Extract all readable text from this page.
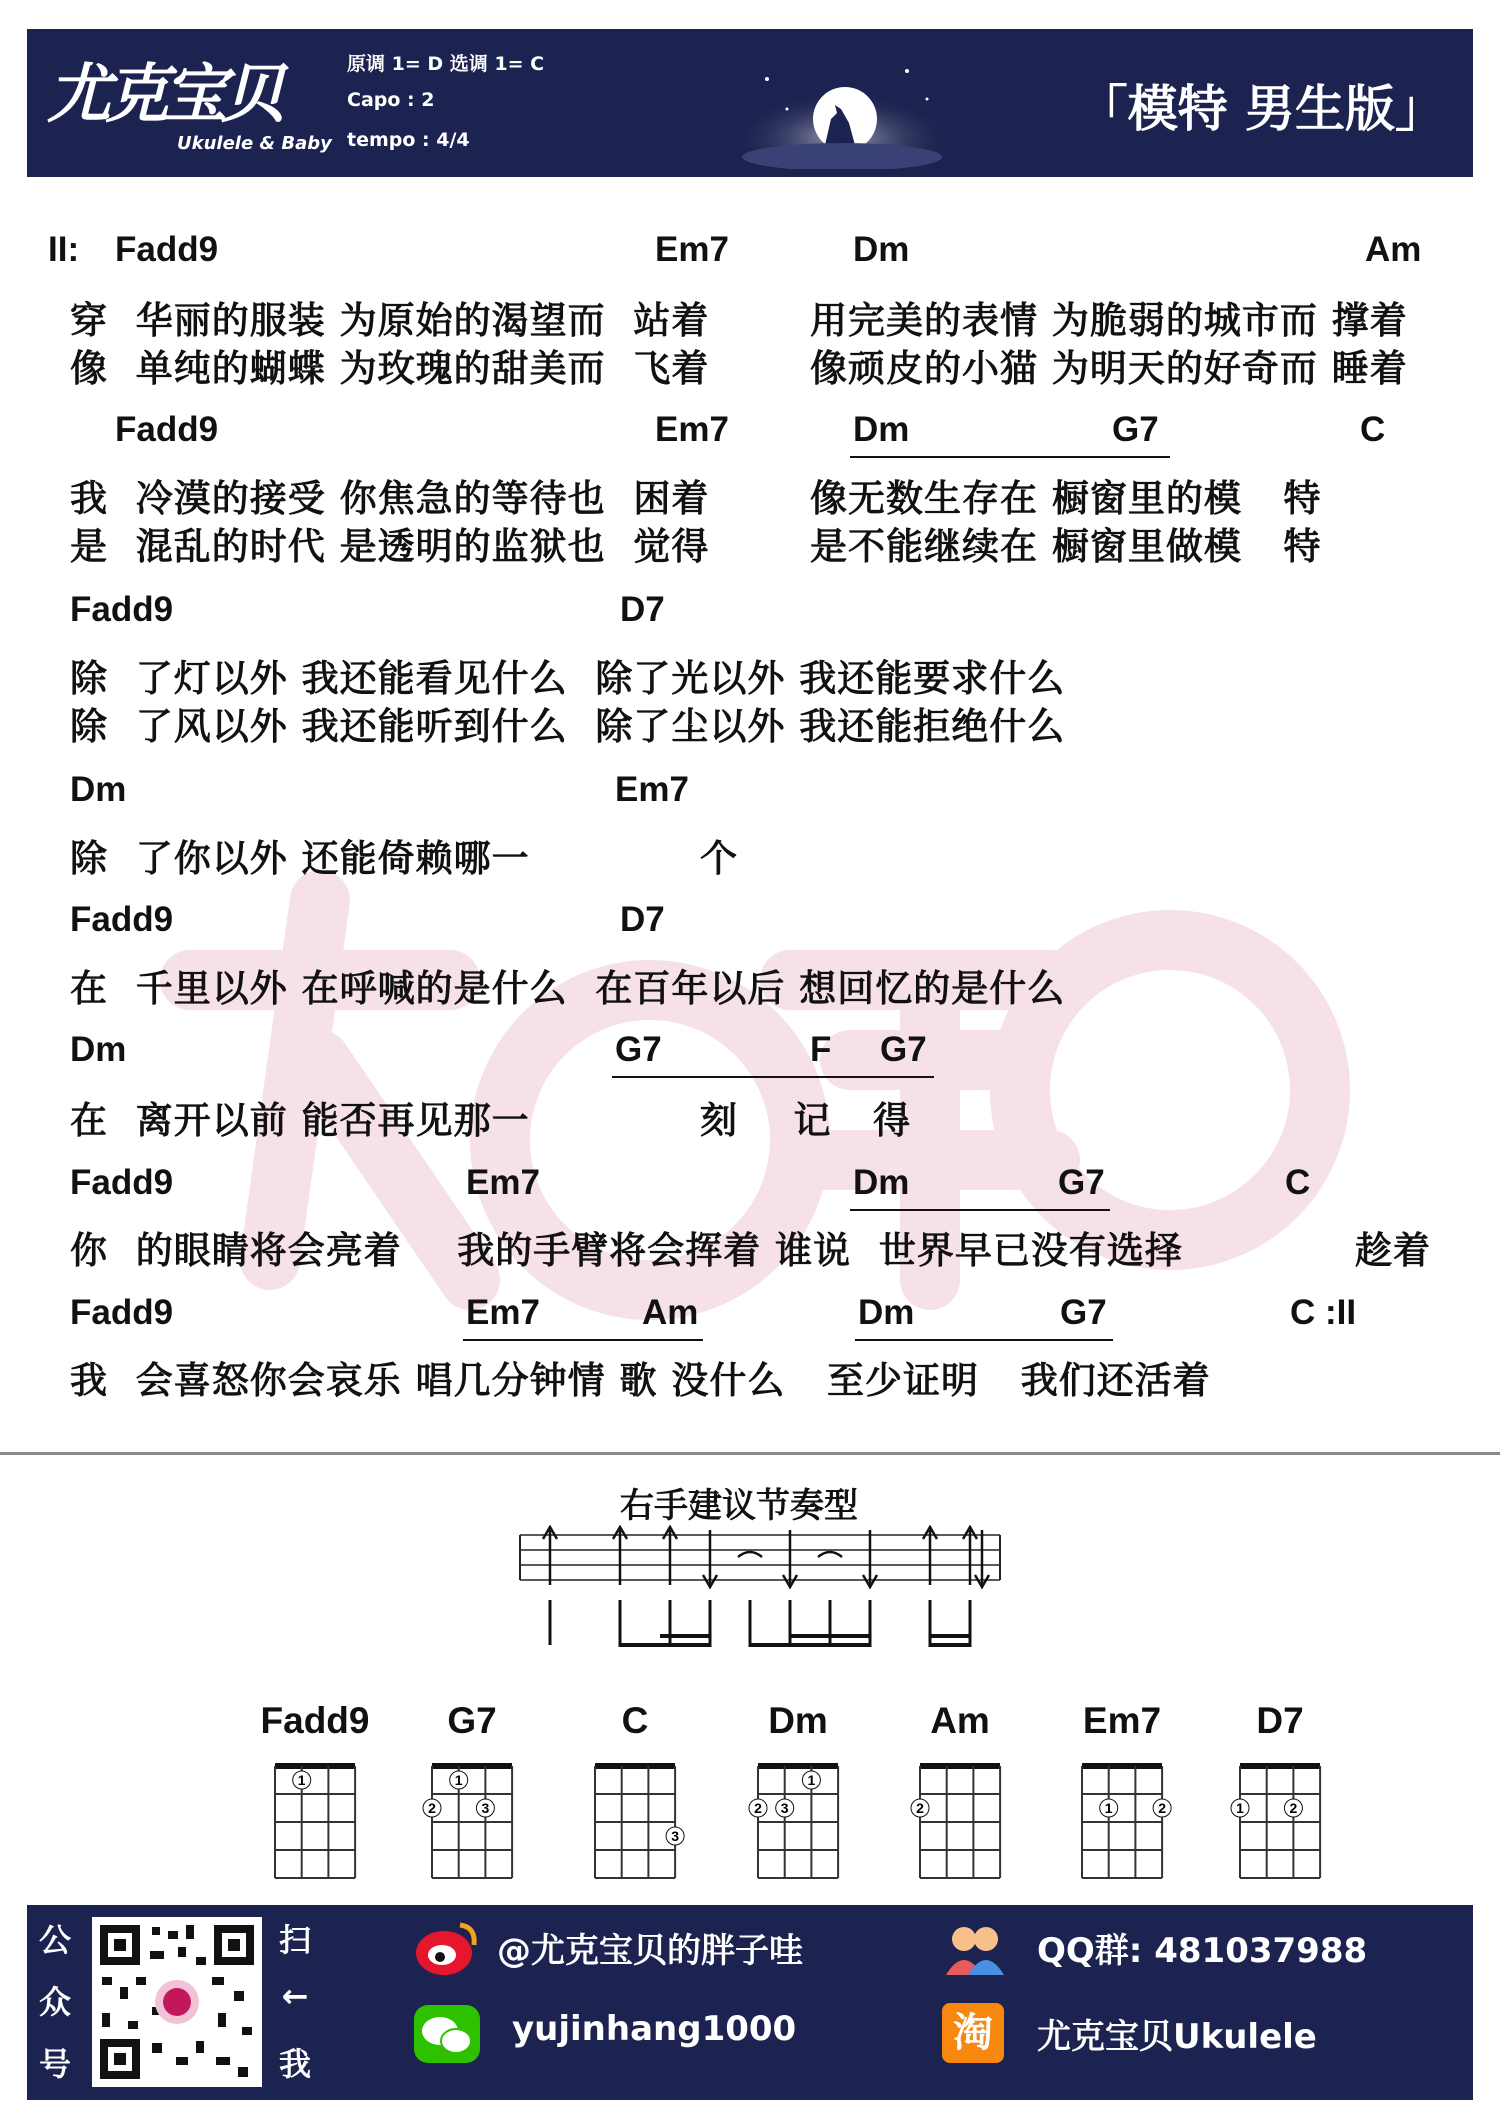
尤克宝贝
Ukulele & Baby
原调 1= D 选调 1= C
Capo : 2
tempo : 4/4
「模特 男生版」
II: Fadd9	Em7	Dm	Am
穿  华丽的服装 为原始的渴望而  站着	用完美的表情 为脆弱的城市而 撑着
像  单纯的蝴蝶 为玫瑰的甜美而  飞着	像顽皮的小猫 为明天的好奇而 睡着
Fadd9	Em7	Dm	G7	C
我  冷漠的接受 你焦急的等待也  困着	像无数生存在 橱窗里的模   特
是  混乱的时代 是透明的监狱也  觉得	是不能继续在 橱窗里做模   特
Fadd9	D7
除  了灯以外 我还能看见什么  除了光以外 我还能要求什么
除  了风以外 我还能听到什么  除了尘以外 我还能拒绝什么
Dm	Em7
除  了你以外 还能倚赖哪一	个
Fadd9	D7
在  千里以外 在呼喊的是什么  在百年以后 想回忆的是什么
Dm	G7	F G7
在  离开以前 能否再见那一	刻    记   得
Fadd9	Em7	Dm	G7	C
你  的眼睛将会亮着    我的手臂将会挥着 谁说  世界早已没有选择	趁着
Fadd9	Em7	Am	Dm	G7	C :II
我  会喜怒你会哀乐 唱几分钟情 歌 没什么   至少证明   我们还活着
右手建议节奏型
Fadd9
1
G7
2
1
3
C
3
Dm
2 3
1
Am
2
Em7
1	2
D7
1	2
公
众
号
扫
←
我
@尤克宝贝的胖子哇
yujinhang1000
QQ群: 481037988
淘	尤克宝贝Ukulele
